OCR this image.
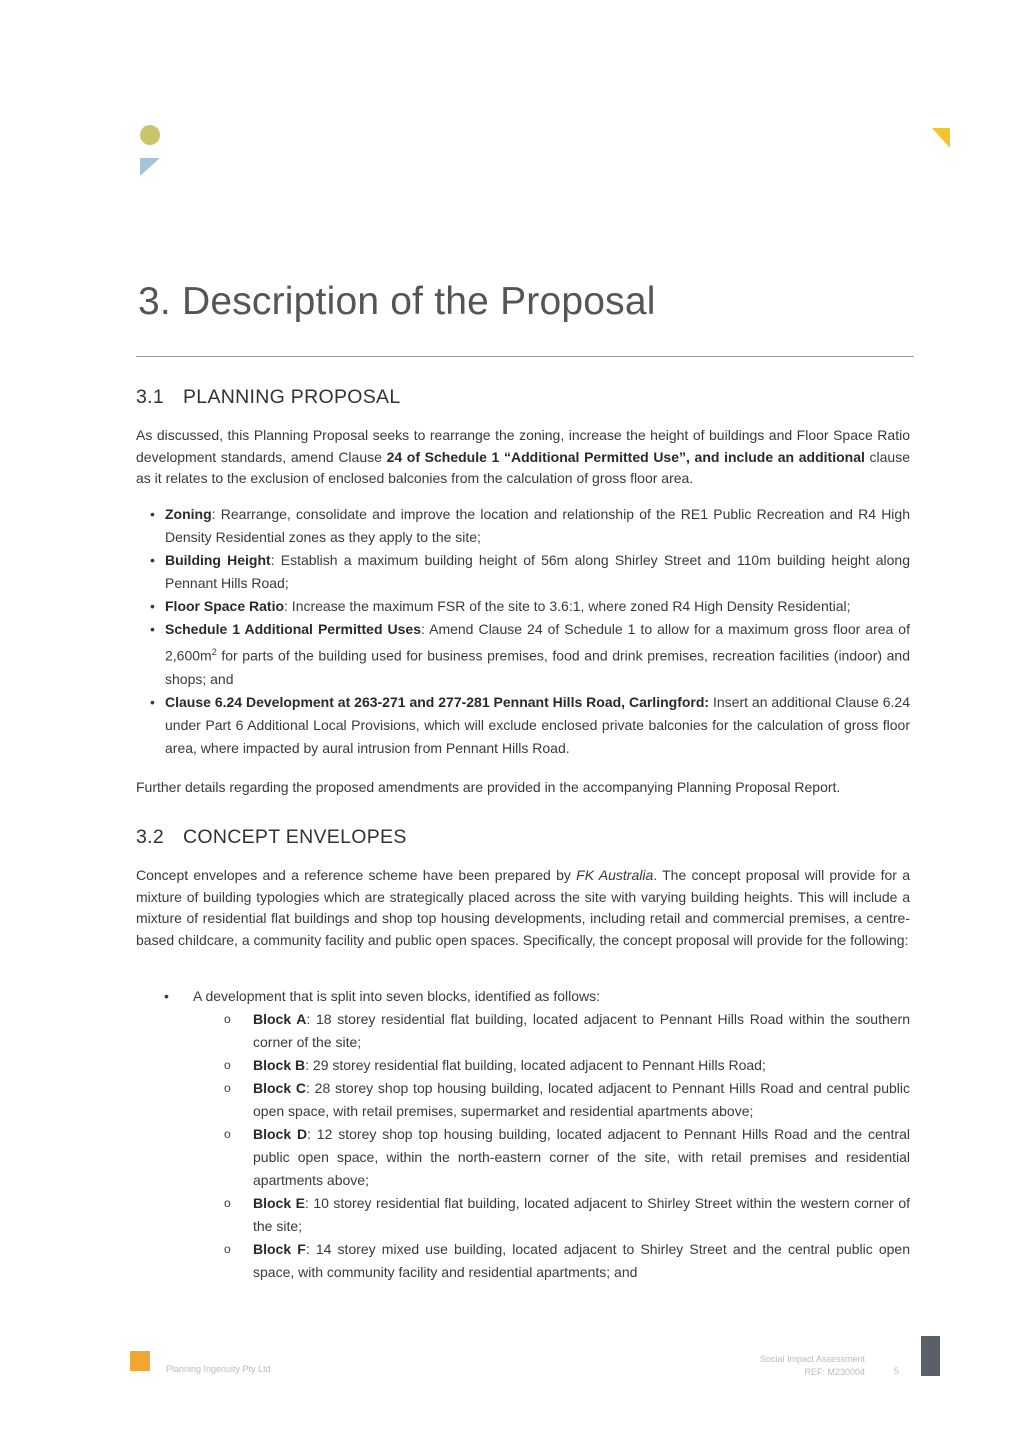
3. Description of the Proposal
3.1 PLANNING PROPOSAL

As discussed, this Planning Proposal seeks to rearrange the zoning, increase the height of buildings and Floor Space Ratio development standards, amend Clause 24 of Schedule 1 “Additional Permitted Use”, and include an additional clause as it relates to the exclusion of enclosed balconies from the calculation of gross floor area.

• Zoning: Rearrange, consolidate and improve the location and relationship of the RE1 Public Recreation and R4 High Density Residential zones as they apply to the site;
• Building Height: Establish a maximum building height of 56m along Shirley Street and 110m building height along Pennant Hills Road;
• Floor Space Ratio: Increase the maximum FSR of the site to 3.6:1, where zoned R4 High Density Residential;
• Schedule 1 Additional Permitted Uses: Amend Clause 24 of Schedule 1 to allow for a maximum gross floor area of $2,600m^2$ for parts of the building used for business premises, food and drink premises, recreation facilities (indoor) and shops; and
• Clause 6.24 Development at 263-271 and 277-281 Pennant Hills Road, Carlingford: Insert an additional Clause 6.24 under Part 6 Additional Local Provisions, which will exclude enclosed private balconies for the calculation of gross floor area, where impacted by aural intrusion from Pennant Hills Road.

Further details regarding the proposed amendments are provided in the accompanying Planning Proposal Report.

3.2 CONCEPT ENVELOPES

Concept envelopes and a reference scheme have been prepared by FK Australia. The concept proposal will provide for a mixture of building typologies which are strategically placed across the site with varying building heights. This will include a mixture of residential flat buildings and shop top housing developments, including retail and commercial premises, a centre-based childcare, a community facility and public open spaces. Specifically, the concept proposal will provide for the following:

• A development that is split into seven blocks, identified as follows:
o Block A: 18 storey residential flat building, located adjacent to Pennant Hills Road within the southern corner of the site;
o Block B: 29 storey residential flat building, located adjacent to Pennant Hills Road;
o Block C: 28 storey shop top housing building, located adjacent to Pennant Hills Road and central public open space, with retail premises, supermarket and residential apartments above;
o Block D: 12 storey shop top housing building, located adjacent to Pennant Hills Road and the central public open space, within the north-eastern corner of the site, with retail premises and residential apartments above;
o Block E: 10 storey residential flat building, located adjacent to Shirley Street within the western corner of the site;
o Block F: 14 storey mixed use building, located adjacent to Shirley Street and the central public open space, with community facility and residential apartments; and
Planning Ingenuity Pty Ltd
Social Impact Assessment
REF: M230004	5
